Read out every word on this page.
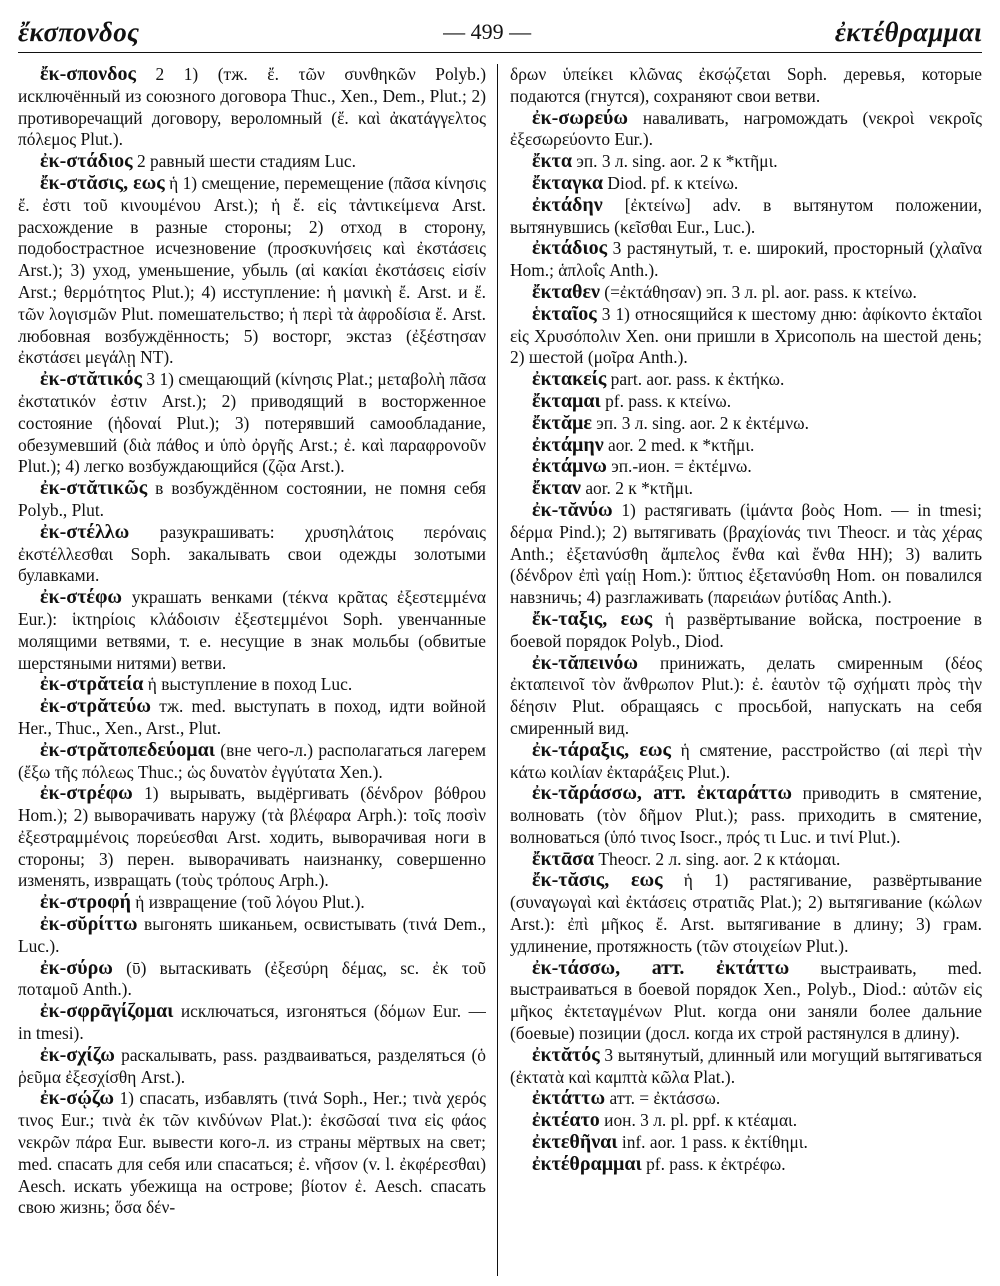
ἔκσπονδος	— 499 —	ἐκτέθραμμαι

ἔκ-σπονδος 2 1) (тж. ἔ. τῶν συνθηκῶν Polyb.) исключённый из союзного договора Thuc., Xen., Dem., Plut.; 2) противоречащий договору, вероломный (ἔ. καὶ ἀκατάγγελτος πόλεμος Plut.).

ἐκ-στάδιος 2 равный шести стадиям Luc.

ἔκ-στᾰσις, εως ἡ 1) смещение, перемещение (πᾶσα κίνησις ἔ. ἐστι τοῦ κινουμένου Arst.); ἡ ἔ. εἰς τἀντικείμενα Arst. расхождение в разные стороны; 2) отход в сторону, подобострастное исчезновение (προσκυνήσεις καὶ ἐκστάσεις Arst.); 3) уход, уменьшение, убыль (αἱ κακίαι ἐκστάσεις εἰσίν Arst.; θερμότητος Plut.); 4) исступление: ἡ μανικὴ ἔ. Arst. и ἔ. τῶν λογισμῶν Plut. помешательство; ἡ περὶ τὰ ἀφροδίσια ἔ. Arst. любовная возбуждённость; 5) восторг, экстаз (ἐξέστησαν ἐκστάσει μεγάλῃ NT).

ἐκ-στᾰτικός 3 1) смещающий (κίνησις Plat.; μεταβολὴ πᾶσα ἐκστατικόν ἐστιν Arst.); 2) приводящий в восторженное состояние (ἡδοναί Plut.); 3) потерявший самообладание, обезумевший (διὰ πάθος и ὑπὸ ὀργῆς Arst.; ἐ. καὶ παραφρονοῦν Plut.); 4) легко возбуждающийся (ζῷα Arst.).

ἐκ-στᾰτικῶς в возбуждённом состоянии, не помня себя Polyb., Plut.

ἐκ-στέλλω разукрашивать: χρυσηλάτοις περόναις ἐκστέλλεσθαι Soph. закалывать свои одежды золотыми булавками.

ἐκ-στέφω украшать венками (τέκνα κρᾶτας ἐξεστεμμένα Eur.): ἱκτηρίοις κλάδοισιν ἐξεστεμμένοι Soph. увенчанные молящими ветвями, т. е. несущие в знак мольбы (обвитые шерстяными нитями) ветви.

ἐκ-στρᾰτεία ἡ выступление в поход Luc.

ἐκ-στρᾰτεύω тж. med. выступать в поход, идти войной Her., Thuc., Xen., Arst., Plut.

ἐκ-στρᾰτοπεδεύομαι (вне чего-л.) располагаться лагерем (ἔξω τῆς πόλεως Thuc.; ὡς δυνατὸν ἐγγύτατα Xen.).

ἐκ-στρέφω 1) вырывать, выдёргивать (δένδρον βόθρου Hom.); 2) выворачивать наружу (τὰ βλέφαρα Arph.): τοῖς ποσὶν ἐξεστραμμένοις πορεύεσθαι Arst. ходить, выворачивая ноги в стороны; 3) перен. выворачивать наизнанку, совершенно изменять, извращать (τοὺς τρόπους Arph.).

ἐκ-στροφή ἡ извращение (τοῦ λόγου Plut.).

ἐκ-σῠρίττω выгонять шиканьем, освистывать (τινά Dem., Luc.).

ἐκ-σύρω (ῡ) вытаскивать (ἐξεσύρη δέμας, sc. ἐκ τοῦ ποταμοῦ Anth.).

ἐκ-σφρᾱγίζομαι исключаться, изгоняться (δόμων Eur. — in tmesi).

ἐκ-σχίζω раскалывать, pass. раздваиваться, разделяться (ὁ ῥεῦμα ἐξεσχίσθη Arst.).

ἐκ-σῴζω 1) спасать, избавлять (τινά Soph., Her.; τινὰ χερός τινος Eur.; τινὰ ἐκ τῶν κινδύνων Plat.): ἐκσῶσαί τινα εἰς φάος νεκρῶν πάρα Eur. вывести кого-л. из страны мёртвых на свет; med. спасать для себя или спасаться; ἐ. νῆσον (v. l. ἐκφέρεσθαι) Aesch. искать убежища на острове; βίοτον ἐ. Aesch. спасать свою жизнь; ὅσα δέν-

δρων ὑπείκει κλῶνας ἐκσῴζεται Soph. деревья, которые подаются (гнутся), сохраняют свои ветви.

ἐκ-σωρεύω наваливать, нагромождать (νεκροὶ νεκροῖς ἐξεσωρεύοντο Eur.).

ἔκτα эп. 3 л. sing. aor. 2 к *κτῆμι.

ἔκταγκα Diod. pf. к κτείνω.

ἐκτάδην [ἐκτείνω] adv. в вытянутом положении, вытянувшись (κεῖσθαι Eur., Luc.).

ἐκτάδιος 3 растянутый, т. е. широкий, просторный (χλαῖνα Hom.; ἁπλοΐς Anth.).

ἔκταθεν (=ἐκτάθησαν) эп. 3 л. pl. aor. pass. к κτείνω.

ἑκταῖος 3 1) относящийся к шестому дню: ἀφίκοντο ἑκταῖοι εἰς Χρυσόπολιν Xen. они пришли в Хрисополь на шестой день; 2) шестой (μοῖρα Anth.).

ἐκτακείς part. aor. pass. к ἐκτήκω.

ἔκταμαι pf. pass. к κτείνω.

ἔκτᾰμε эп. 3 л. sing. aor. 2 к ἐκτέμνω.

ἐκτάμην aor. 2 med. к *κτῆμι.

ἐκτάμνω эп.-ион. = ἐκτέμνω.

ἔκταν aor. 2 к *κτῆμι.

ἐκ-τᾰνύω 1) растягивать (ἱμάντα βοὸς Hom. — in tmesi; δέρμα Pind.); 2) вытягивать (βραχίονάς τινι Theocr. и τὰς χέρας Anth.; ἐξετανύσθη ἄμπελος ἔνθα καὶ ἔνθα HH); 3) валить (δένδρον ἐπὶ γαίῃ Hom.): ὕπτιος ἐξετανύσθη Hom. он повалился навзничь; 4) разглаживать (παρειάων ῥυτίδας Anth.).

ἔκ-ταξις, εως ἡ развёртывание войска, построение в боевой порядок Polyb., Diod.

ἐκ-τᾰπεινόω принижать, делать смиренным (δέος ἐκταπεινοῖ τὸν ἄνθρωπον Plut.): ἐ. ἑαυτὸν τῷ σχήματι πρὸς τὴν δέησιν Plut. обращаясь с просьбой, напускать на себя смиренный вид.

ἐκ-τάραξις, εως ἡ смятение, расстройство (αἱ περὶ τὴν κάτω κοιλίαν ἐκταράξεις Plut.).

ἐκ-τᾰράσσω, атт. ἐκταράττω приводить в смятение, волновать (τὸν δῆμον Plut.); pass. приходить в смятение, волноваться (ὑπό τινος Isocr., πρός τι Luc. и τινί Plut.).

ἔκτᾱσα Theocr. 2 л. sing. aor. 2 к κτάομαι.

ἔκ-τᾰσις, εως ἡ 1) растягивание, развёртывание (συναγωγαὶ καὶ ἐκτάσεις στρατιᾶς Plat.); 2) вытягивание (κώλων Arst.): ἐπὶ μῆκος ἔ. Arst. вытягивание в длину; 3) грам. удлинение, протяжность (τῶν στοιχείων Plut.).

ἐκ-τάσσω, атт. ἐκτάττω выстраивать, med. выстраиваться в боевой порядок Xen., Polyb., Diod.: αὐτῶν εἰς μῆκος ἐκτεταγμένων Plut. когда они заняли более дальние (боевые) позиции (досл. когда их строй растянулся в длину).

ἐκτᾰτός 3 вытянутый, длинный или могущий вытягиваться (ἐκτατὰ καὶ καμπτὰ κῶλα Plat.).

ἐκτάττω атт. = ἐκτάσσω.

ἐκτέατο ион. 3 л. pl. ppf. к κτέαμαι.

ἐκτεθῆναι inf. aor. 1 pass. к ἐκτίθημι.

ἐκτέθραμμαι pf. pass. к ἐκτρέφω.
